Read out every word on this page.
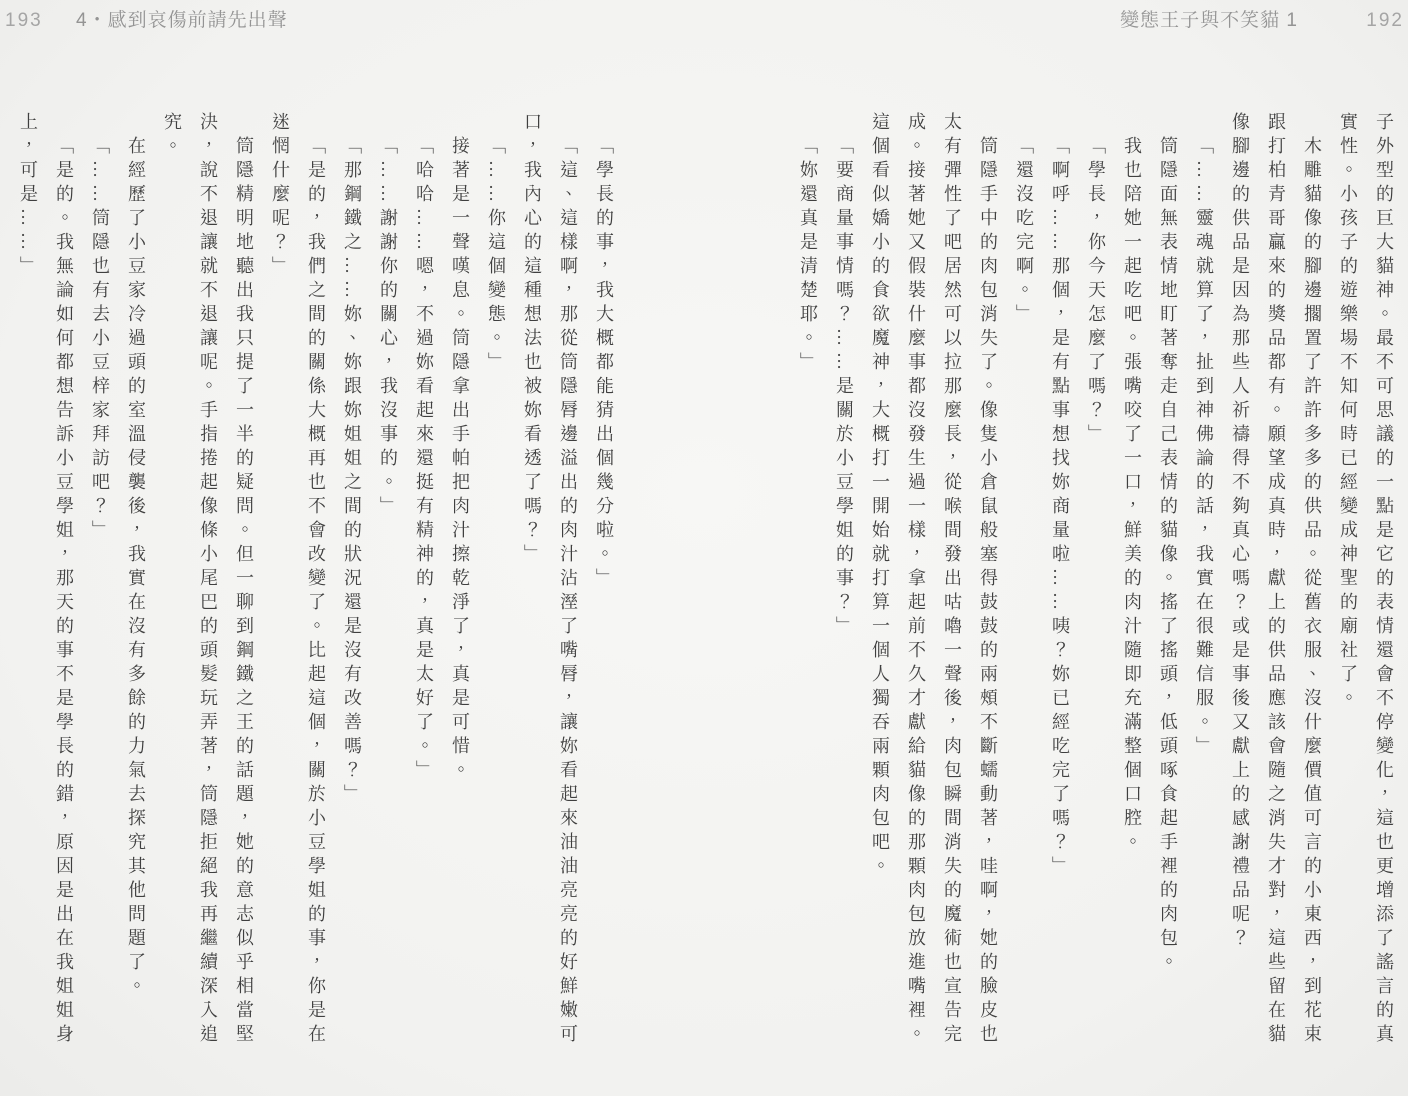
193 4・感到哀傷前請先出聲	變態王子與不笑貓 1	192

子外型的巨大貓神。最不可思議的一點是它的表情還會不停變化，這也更增添了謠言的真實性。小孩子的遊樂場不知何時已經變成神聖的廟社了。

木雕貓像的腳邊擱置了許許多多的供品。從舊衣服、沒什麼價值可言的小東西，到花束跟打柏青哥贏來的獎品都有。願望成真時，獻上的供品應該會隨之消失才對，這些留在貓像腳邊的供品是因為那些人祈禱得不夠真心嗎？或是事後又獻上的感謝禮品呢？

「……靈魂就算了，扯到神佛論的話，我實在很難信服。」

筒隱面無表情地盯著奪走自己表情的貓像。搖了搖頭，低頭啄食起手裡的肉包。

我也陪她一起吃吧。張嘴咬了一口，鮮美的肉汁隨即充滿整個口腔。

「學長，你今天怎麼了嗎？」

「啊呼……那個，是有點事想找妳商量啦……咦？妳已經吃完了嗎？」

「還沒吃完啊。」

筒隱手中的肉包消失了。像隻小倉鼠般塞得鼓鼓的兩頰不斷蠕動著，哇啊，她的臉皮也太有彈性了吧居然可以拉那麼長，從喉間發出咕嚕一聲後，肉包瞬間消失的魔術也宣告完成。接著她又假裝什麼事都沒發生過一樣，拿起前不久才獻給貓像的那顆肉包放進嘴裡。這個看似嬌小的食欲魔神，大概打一開始就打算一個人獨吞兩顆肉包吧。

「要商量事情嗎？……是關於小豆學姐的事？」

「妳還真是清楚耶。」

「學長的事，我大概都能猜出個幾分啦。」

「這、這樣啊，那從筒隱脣邊溢出的肉汁沾溼了嘴脣，讓妳看起來油油亮亮的好鮮嫩可口，我內心的這種想法也被妳看透了嗎？」

「……你這個變態。」

接著是一聲嘆息。筒隱拿出手帕把肉汁擦乾淨了，真是可惜。

「哈哈……嗯，不過妳看起來還挺有精神的，真是太好了。」

「……謝謝你的關心，我沒事的。」

「那鋼鐵之……妳、妳跟妳姐姐之間的狀況還是沒有改善嗎？」

「是的，我們之間的關係大概再也不會改變了。比起這個，關於小豆學姐的事，你是在迷惘什麼呢？」

筒隱精明地聽出我只提了一半的疑問。但一聊到鋼鐵之王的話題，她的意志似乎相當堅決，說不退讓就不退讓呢。手指捲起像條小尾巴的頭髮玩弄著，筒隱拒絕我再繼續深入追究。

在經歷了小豆家冷過頭的室溫侵襲後，我實在沒有多餘的力氣去探究其他問題了。

「……筒隱也有去小豆梓家拜訪吧？」

「是的。我無論如何都想告訴小豆學姐，那天的事不是學長的錯，原因是出在我姐姐身上，可是……」
